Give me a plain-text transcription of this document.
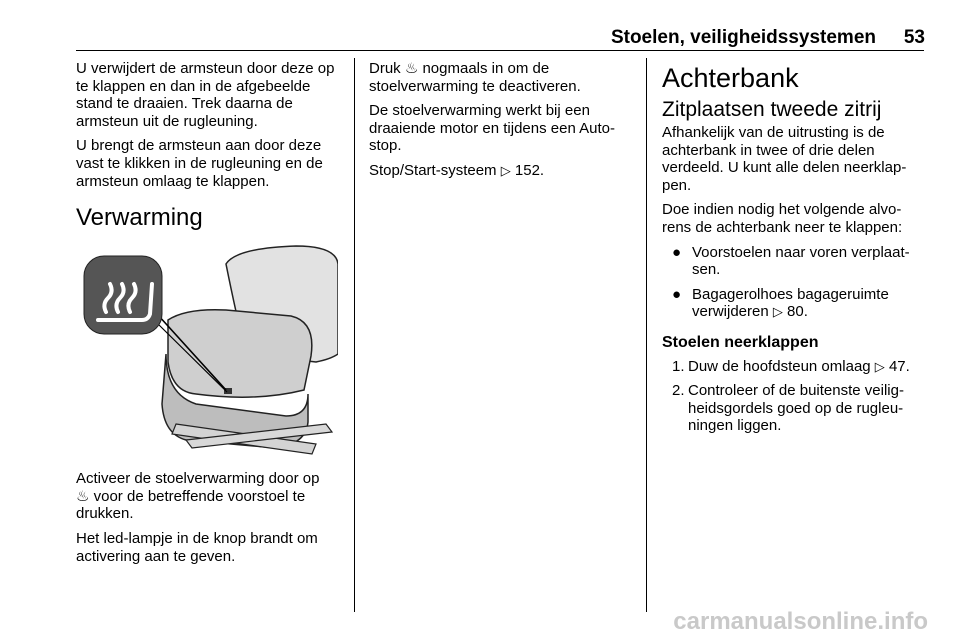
Stoelen, veiligheidssystemen 53

U verwijdert de armsteun door deze op te klappen en dan in de afgebeelde stand te draaien. Trek daarna de armsteun uit de rugleuning.

U brengt de armsteun aan door deze vast te klikken in de rugleuning en de armsteun omlaag te klappen.

Verwarming

Activeer de stoelverwarming door op
♨ voor de betreffende voorstoel te drukken.

Het led-lampje in de knop brandt om activering aan te geven.

Druk ♨ nogmaals in om de stoelverwarming te deactiveren.

De stoelverwarming werkt bij een draaiende motor en tijdens een Auto-stop.

Stop/Start-systeem ▷ 152.

Achterbank
Zitplaatsen tweede zitrij

Afhankelijk van de uitrusting is de achterbank in twee of drie delen verdeeld. U kunt alle delen neerklap-pen.

Doe indien nodig het volgende alvo-rens de achterbank neer te klappen:

● Voorstoelen naar voren verplaat-sen.
● Bagagerolhoes bagageruimte verwijderen ▷ 80.
Stoelen neerklappen
1. Duw de hoofdsteun omlaag ▷ 47.
2. Controleer of de buitenste veilig-heidsgordels goed op de rugleu-ningen liggen.
carmanualsonline.info
